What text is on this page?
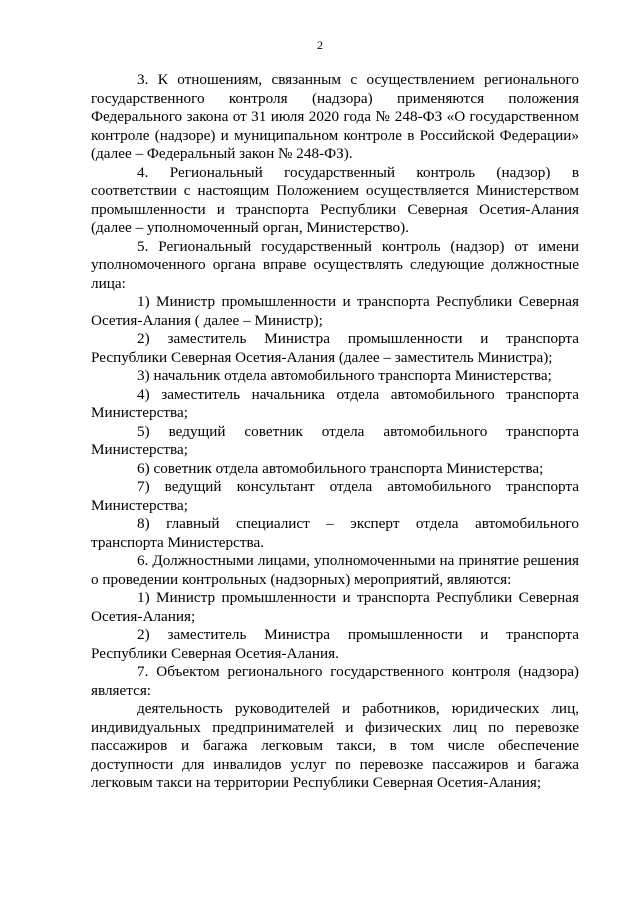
2

3. К отношениям, связанным с осуществлением регионального государственного контроля (надзора) применяются положения Федерального закона от 31 июля 2020 года № 248-ФЗ «О государственном контроле (надзоре) и муниципальном контроле в Российской Федерации» (далее – Федеральный закон № 248-ФЗ).

4. Региональный государственный контроль (надзор) в соответствии с настоящим Положением осуществляется Министерством промышленности и транспорта Республики Северная Осетия-Алания (далее – уполномоченный орган, Министерство).

5. Региональный государственный контроль (надзор) от имени уполномоченного органа вправе осуществлять следующие должностные лица:

1) Министр промышленности и транспорта Республики Северная Осетия-Алания ( далее – Министр);

2) заместитель Министра промышленности и транспорта Республики Северная Осетия-Алания (далее – заместитель Министра);

3) начальник отдела автомобильного транспорта Министерства;

4) заместитель начальника отдела автомобильного транспорта Министерства;

5) ведущий советник отдела автомобильного транспорта Министерства;

6) советник отдела автомобильного транспорта Министерства;

7) ведущий консультант отдела автомобильного транспорта Министерства;

8) главный специалист – эксперт отдела автомобильного транспорта Министерства.

6. Должностными лицами, уполномоченными на принятие решения о проведении контрольных (надзорных) мероприятий, являются:

1) Министр промышленности и транспорта Республики Северная Осетия-Алания;

2) заместитель Министра промышленности и транспорта Республики Северная Осетия-Алания.

7. Объектом регионального государственного контроля (надзора) является:

деятельность руководителей и работников, юридических лиц, индивидуальных предпринимателей и физических лиц по перевозке пассажиров и багажа легковым такси, в том числе обеспечение доступности для инвалидов услуг по перевозке пассажиров и багажа легковым такси на территории Республики Северная Осетия-Алания;
